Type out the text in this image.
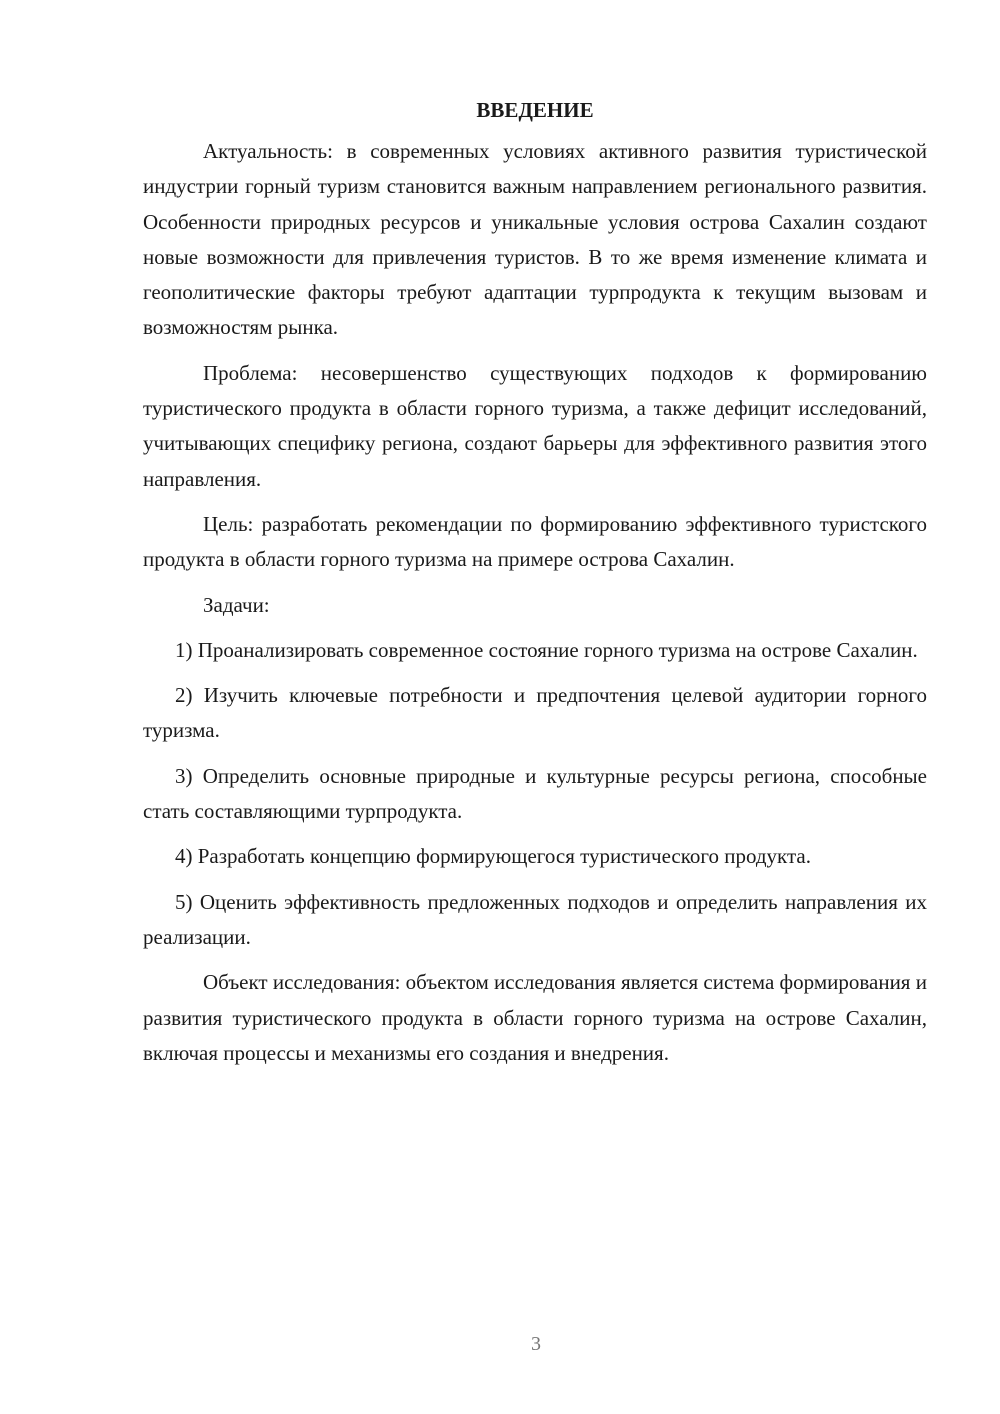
ВВЕДЕНИЕ

Актуальность: в современных условиях активного развития туристической индустрии горный туризм становится важным направлением регионального развития. Особенности природных ресурсов и уникальные условия острова Сахалин создают новые возможности для привлечения туристов. В то же время изменение климата и геополитические факторы требуют адаптации турпродукта к текущим вызовам и возможностям рынка.

Проблема: несовершенство существующих подходов к формированию туристического продукта в области горного туризма, а также дефицит исследований, учитывающих специфику региона, создают барьеры для эффективного развития этого направления.

Цель: разработать рекомендации по формированию эффективного туристского продукта в области горного туризма на примере острова Сахалин.

Задачи:

1) Проанализировать современное состояние горного туризма на острове Сахалин.

2) Изучить ключевые потребности и предпочтения целевой аудитории горного туризма.

3) Определить основные природные и культурные ресурсы региона, способные стать составляющими турпродукта.

4) Разработать концепцию формирующегося туристического продукта.

5) Оценить эффективность предложенных подходов и определить направления их реализации.

Объект исследования: объектом исследования является система формирования и развития туристического продукта в области горного туризма на острове Сахалин, включая процессы и механизмы его создания и внедрения.

3
